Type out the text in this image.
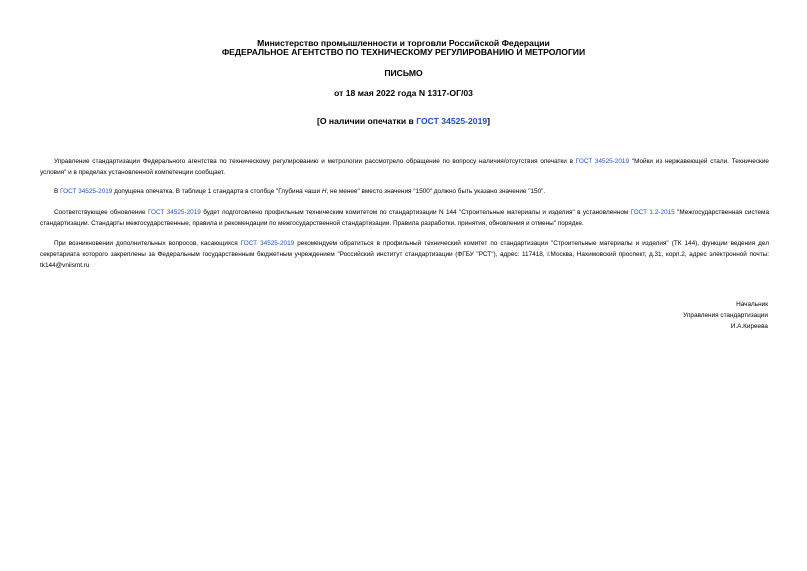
Министерство промышленности и торговли Российской Федерации
ФЕДЕРАЛЬНОЕ АГЕНТСТВО ПО ТЕХНИЧЕСКОМУ РЕГУЛИРОВАНИЮ И МЕТРОЛОГИИ
ПИСЬМО
от 18 мая 2022 года N 1317-ОГ/03
[О наличии опечатки в ГОСТ 34525-2019]
Управление стандартизации Федерального агентства по техническому регулированию и метрологии рассмотрело обращение по вопросу наличия/отсутствия опечатки в ГОСТ 34525-2019 "Мойки из нержавеющей стали. Технические условия" и в пределах установленной компетенции сообщает.
В ГОСТ 34525-2019 допущена опечатка. В таблице 1 стандарта в столбце "Глубина чаши H, не менее" вместо значения "1500" должно быть указано значение "150".
Соответствующее обновление ГОСТ 34525-2019 будет подготовлено профильным техническим комитетом по стандартизации N 144 "Строительные материалы и изделия" в установленном ГОСТ 1.2-2015 "Межгосударственная система стандартизации. Стандарты межгосударственные, правила и рекомендации по межгосударственной стандартизации. Правила разработки, принятия, обновления и отмены" порядке.
При возникновении дополнительных вопросов, касающихся ГОСТ 34525-2019 рекомендуем обратиться в профильный технический комитет по стандартизации "Строительные материалы и изделия" (ТК 144), функции ведения дел секретариата которого закреплены за Федеральным государственным бюджетным учреждением "Российский институт стандартизации (ФГБУ "РСТ"), адрес: 117418, г.Москва, Нахимовский проспект, д.31, корп.2, адрес электронной почты: tk144@vniismt.ru
Начальник
Управления стандартизации
И.А.Киреева
